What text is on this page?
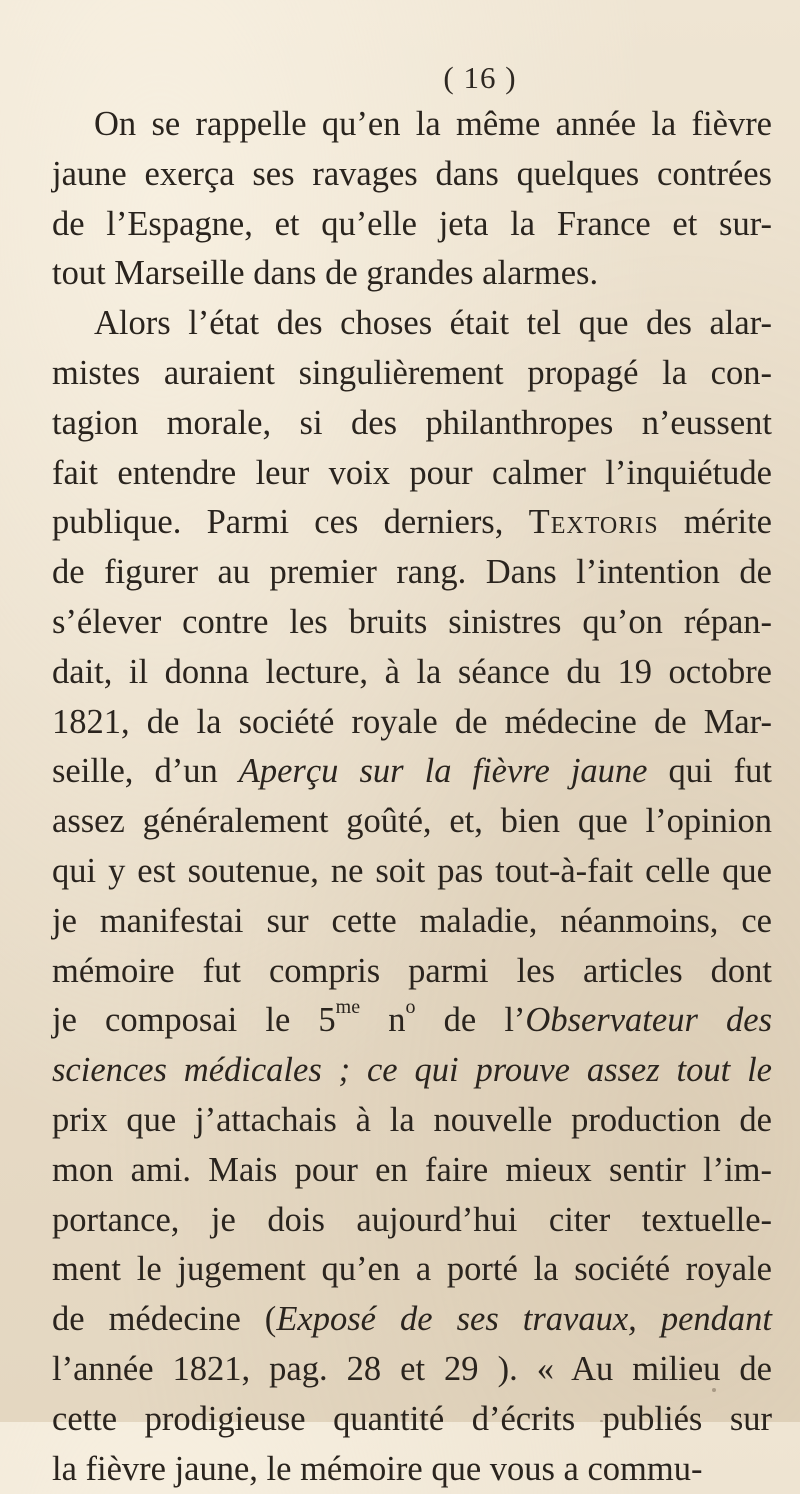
( 16 )
On se rappelle qu’en la même année la fièvre
jaune exerça ses ravages dans quelques contrées
de l’Espagne, et qu’elle jeta la France et sur-
tout Marseille dans de grandes alarmes.
Alors l’état des choses était tel que des alar-
mistes auraient singulièrement propagé la con-
tagion morale, si des philanthropes n’eussent
fait entendre leur voix pour calmer l’inquiétude
publique. Parmi ces derniers, Textoris mérite
de figurer au premier rang. Dans l’intention de
s’élever contre les bruits sinistres qu’on répan-
dait, il donna lecture, à la séance du 19 octobre
1821, de la société royale de médecine de Mar-
seille, d’un Aperçu sur la fièvre jaune qui fut
assez généralement goûté, et, bien que l’opinion
qui y est soutenue, ne soit pas tout-à-fait celle que
je manifestai sur cette maladie, néanmoins, ce
mémoire fut compris parmi les articles dont
je composai le $5^{me}$ $n^o$ de l’Observateur des
sciences médicales ; ce qui prouve assez tout le
prix que j’attachais à la nouvelle production de
mon ami. Mais pour en faire mieux sentir l’im-
portance, je dois aujourd’hui citer textuelle-
ment le jugement qu’en a porté la société royale
de médecine (Exposé de ses travaux, pendant
l’année 1821, pag. 28 et 29 ). « Au milieu de
cette prodigieuse quantité d’écrits publiés sur
la fièvre jaune, le mémoire que vous a commu-
